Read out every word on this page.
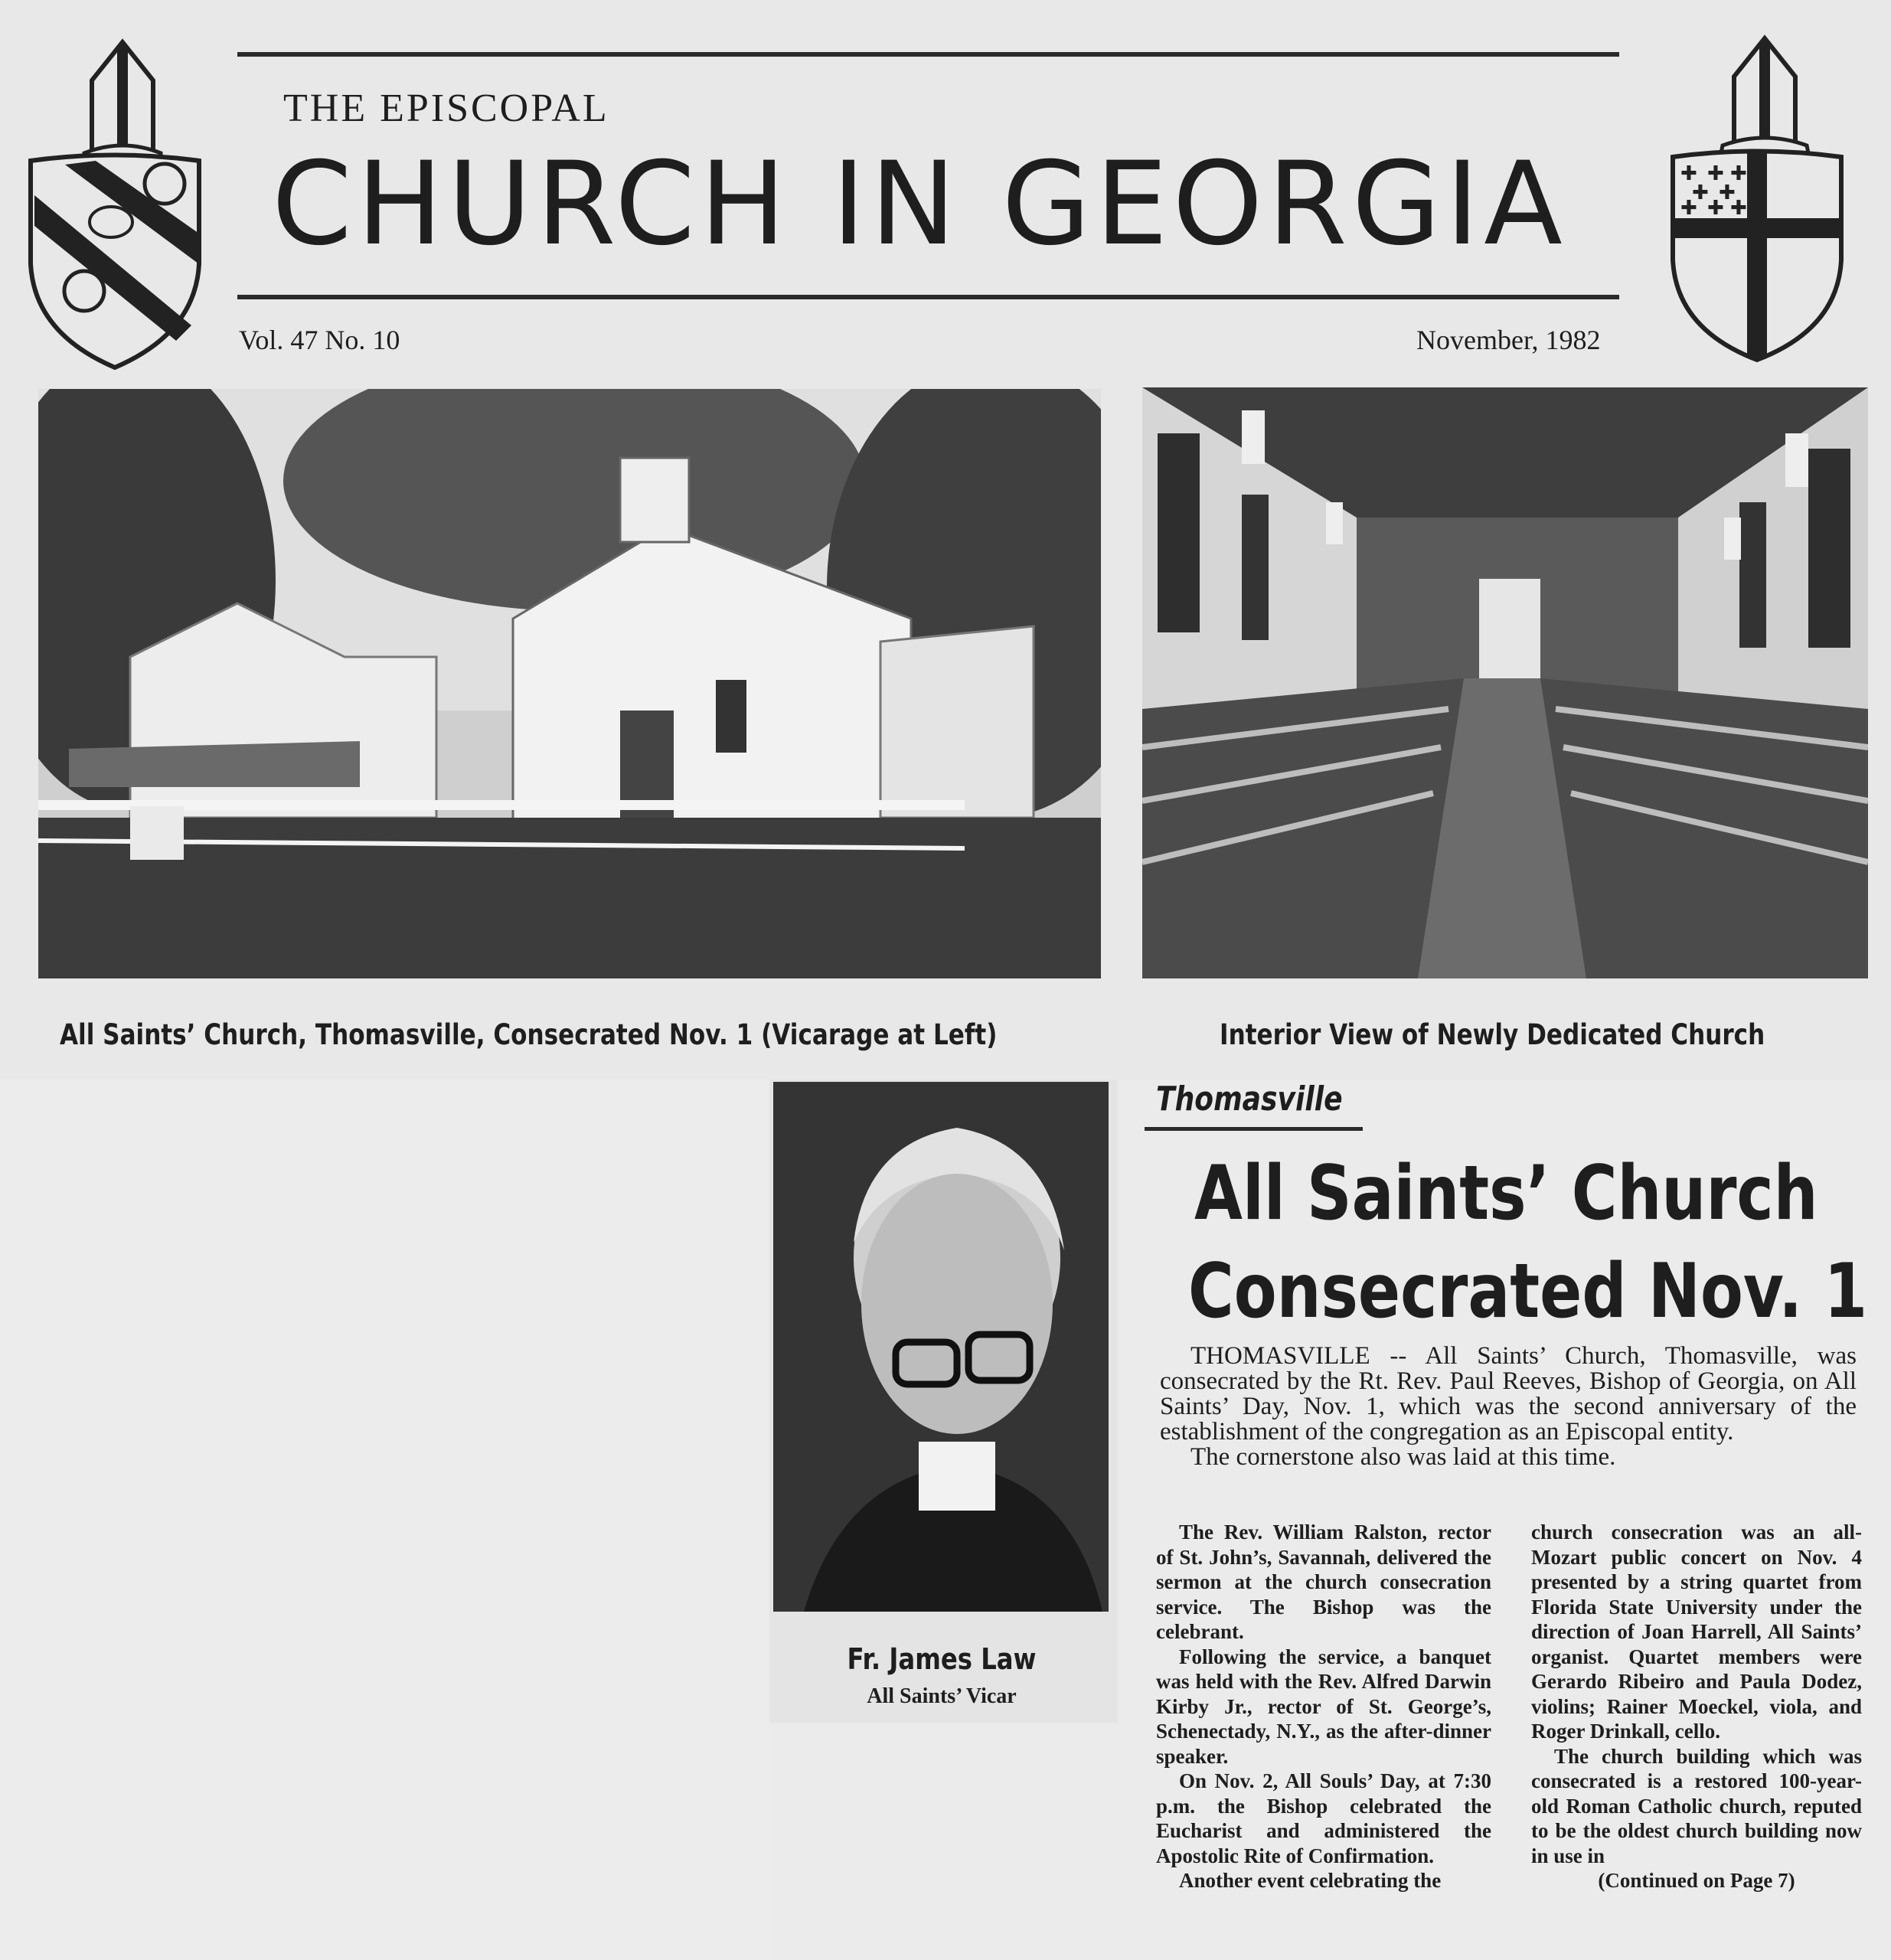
✚ ✚
✚ ✚
✚ ✚
✚
✚
THE EPISCOPAL
CHURCH IN GEORGIA
Vol. 47 No. 10	November, 1982
All Saints’ Church, Thomasville, Consecrated Nov. 1 (Vicarage at Left)	Interior View of Newly Dedicated Church
Fr. James Law
All Saints’ Vicar
Thomasville
All Saints’ Church
Consecrated Nov. 1

THOMASVILLE -- All Saints’ Church, Thomasville, was consecrated by the Rt. Rev. Paul Reeves, Bishop of Georgia, on All Saints’ Day, Nov. 1, which was the second anniversary of the establishment of the congregation as an Episcopal entity.

The cornerstone also was laid at this time.

The Rev. William Ralston, rector of St. John’s, Savannah, delivered the sermon at the church consecration service. The Bishop was the celebrant.

Following the service, a banquet was held with the Rev. Alfred Darwin Kirby Jr., rector of St. George’s, Schenectady, N.Y., as the after-dinner speaker.

On Nov. 2, All Souls’ Day, at 7:30 p.m. the Bishop celebrated the Eucharist and administered the Apostolic Rite of Confirmation.

Another event celebrating the

church consecration was an all-Mozart public concert on Nov. 4 presented by a string quartet from Florida State University under the direction of Joan Harrell, All Saints’ organist. Quartet members were Gerardo Ribeiro and Paula Dodez, violins; Rainer Moeckel, viola, and Roger Drinkall, cello.

The church building which was consecrated is a restored 100-year-old Roman Catholic church, reputed to be the oldest church building now in use in

(Continued on Page 7)
